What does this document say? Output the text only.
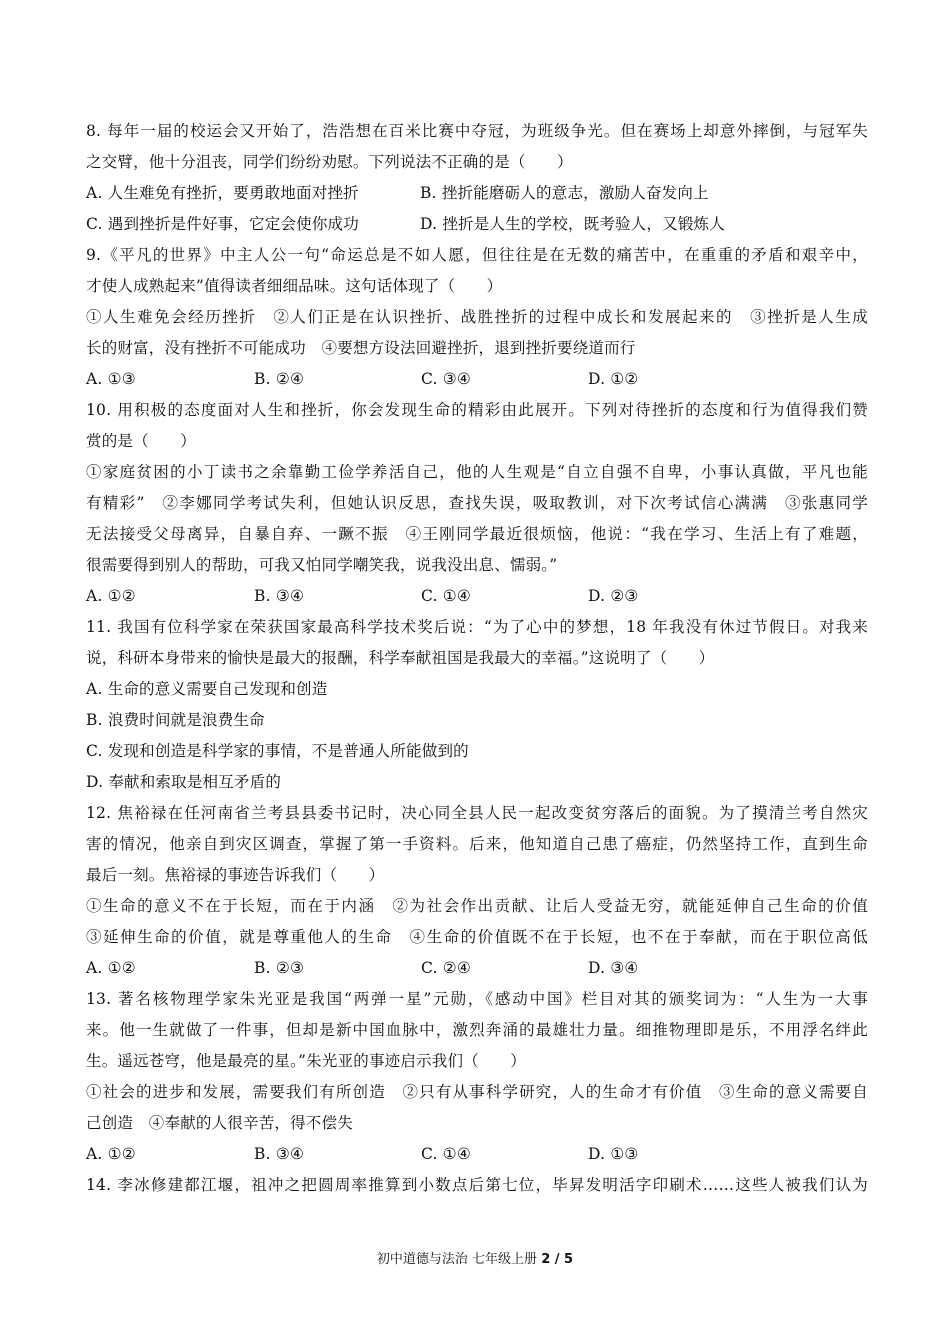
8. 每年一届的校运会又开始了，浩浩想在百米比赛中夺冠，为班级争光。但在赛场上却意外摔倒，与冠军失
之交臂，他十分沮丧，同学们纷纷劝慰。下列说法不正确的是（　　）
A. 人生难免有挫折，要勇敢地面对挫折	B. 挫折能磨砺人的意志，激励人奋发向上
C. 遇到挫折是件好事，它定会使你成功	D. 挫折是人生的学校，既考验人，又锻炼人
9.《平凡的世界》中主人公一句“命运总是不如人愿，但往往是在无数的痛苦中，在重重的矛盾和艰辛中，
才使人成熟起来”值得读者细细品味。这句话体现了（　　）
①人生难免会经历挫折　②人们正是在认识挫折、战胜挫折的过程中成长和发展起来的　③挫折是人生成
长的财富，没有挫折不可能成功　④要想方设法回避挫折，退到挫折要绕道而行
A. ①③	B. ②④	C. ③④	D. ①②
10. 用积极的态度面对人生和挫折，你会发现生命的精彩由此展开。下列对待挫折的态度和行为值得我们赞
赏的是（　　）
①家庭贫困的小丁读书之余靠勤工俭学养活自己，他的人生观是“自立自强不自卑，小事认真做，平凡也能
有精彩”　②李娜同学考试失利，但她认识反思，查找失误，吸取教训，对下次考试信心满满　③张惠同学
无法接受父母离异，自暴自弃、一蹶不振　④王刚同学最近很烦恼，他说：“我在学习、生活上有了难题，
很需要得到别人的帮助，可我又怕同学嘲笑我，说我没出息、懦弱。”
A. ①②	B. ③④	C. ①④	D. ②③
11. 我国有位科学家在荣获国家最高科学技术奖后说：“为了心中的梦想，18 年我没有休过节假日。对我来
说，科研本身带来的愉快是最大的报酬，科学奉献祖国是我最大的幸福。”这说明了（　　）
A. 生命的意义需要自己发现和创造
B. 浪费时间就是浪费生命
C. 发现和创造是科学家的事情，不是普通人所能做到的
D. 奉献和索取是相互矛盾的
12. 焦裕禄在任河南省兰考县县委书记时，决心同全县人民一起改变贫穷落后的面貌。为了摸清兰考自然灾
害的情况，他亲自到灾区调查，掌握了第一手资料。后来，他知道自己患了癌症，仍然坚持工作，直到生命
最后一刻。焦裕禄的事迹告诉我们（　　）
①生命的意义不在于长短，而在于内涵　②为社会作出贡献、让后人受益无穷，就能延伸自己生命的价值
③延伸生命的价值，就是尊重他人的生命　④生命的价值既不在于长短，也不在于奉献，而在于职位高低
A. ①②	B. ②③	C. ②④	D. ③④
13. 著名核物理学家朱光亚是我国“两弹一星”元勋，《感动中国》栏目对其的颁奖词为：“人生为一大事
来。他一生就做了一件事，但却是新中国血脉中，激烈奔涌的最雄壮力量。细推物理即是乐，不用浮名绊此
生。遥远苍穹，他是最亮的星。”朱光亚的事迹启示我们（　　）
①社会的进步和发展，需要我们有所创造　②只有从事科学研究，人的生命才有价值　③生命的意义需要自
己创造　④奉献的人很辛苦，得不偿失
A. ①②	B. ③④	C. ①④	D. ①③
14. 李冰修建都江堰，祖冲之把圆周率推算到小数点后第七位，毕昇发明活字印刷术……这些人被我们认为
初中道德与法治 七年级上册 2 / 5
